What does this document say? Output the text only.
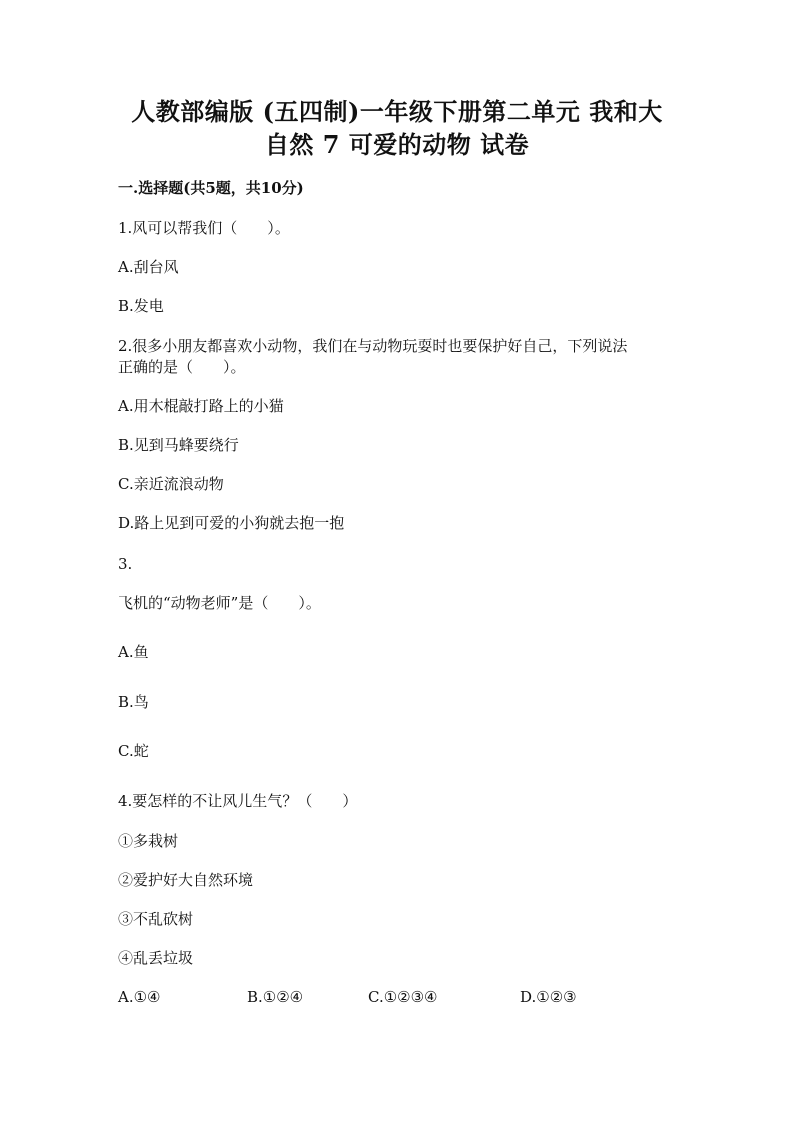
人教部编版 (五四制)一年级下册第二单元 我和大
自然 7 可爱的动物 试卷
一.选择题(共5题，共10分)
1.风可以帮我们（　　）。
A.刮台风
B.发电
2.很多小朋友都喜欢小动物，我们在与动物玩耍时也要保护好自己，下列说法
正确的是（　　）。
A.用木棍敲打路上的小猫
B.见到马蜂要绕行
C.亲近流浪动物
D.路上见到可爱的小狗就去抱一抱
3.
飞机的“动物老师”是（　　）。
A.鱼
B.鸟
C.蛇
4.要怎样的不让风儿生气？（　　）
①多栽树
②爱护好大自然环境
③不乱砍树
④乱丢垃圾
A.①④	B.①②④	C.①②③④	D.①②③
